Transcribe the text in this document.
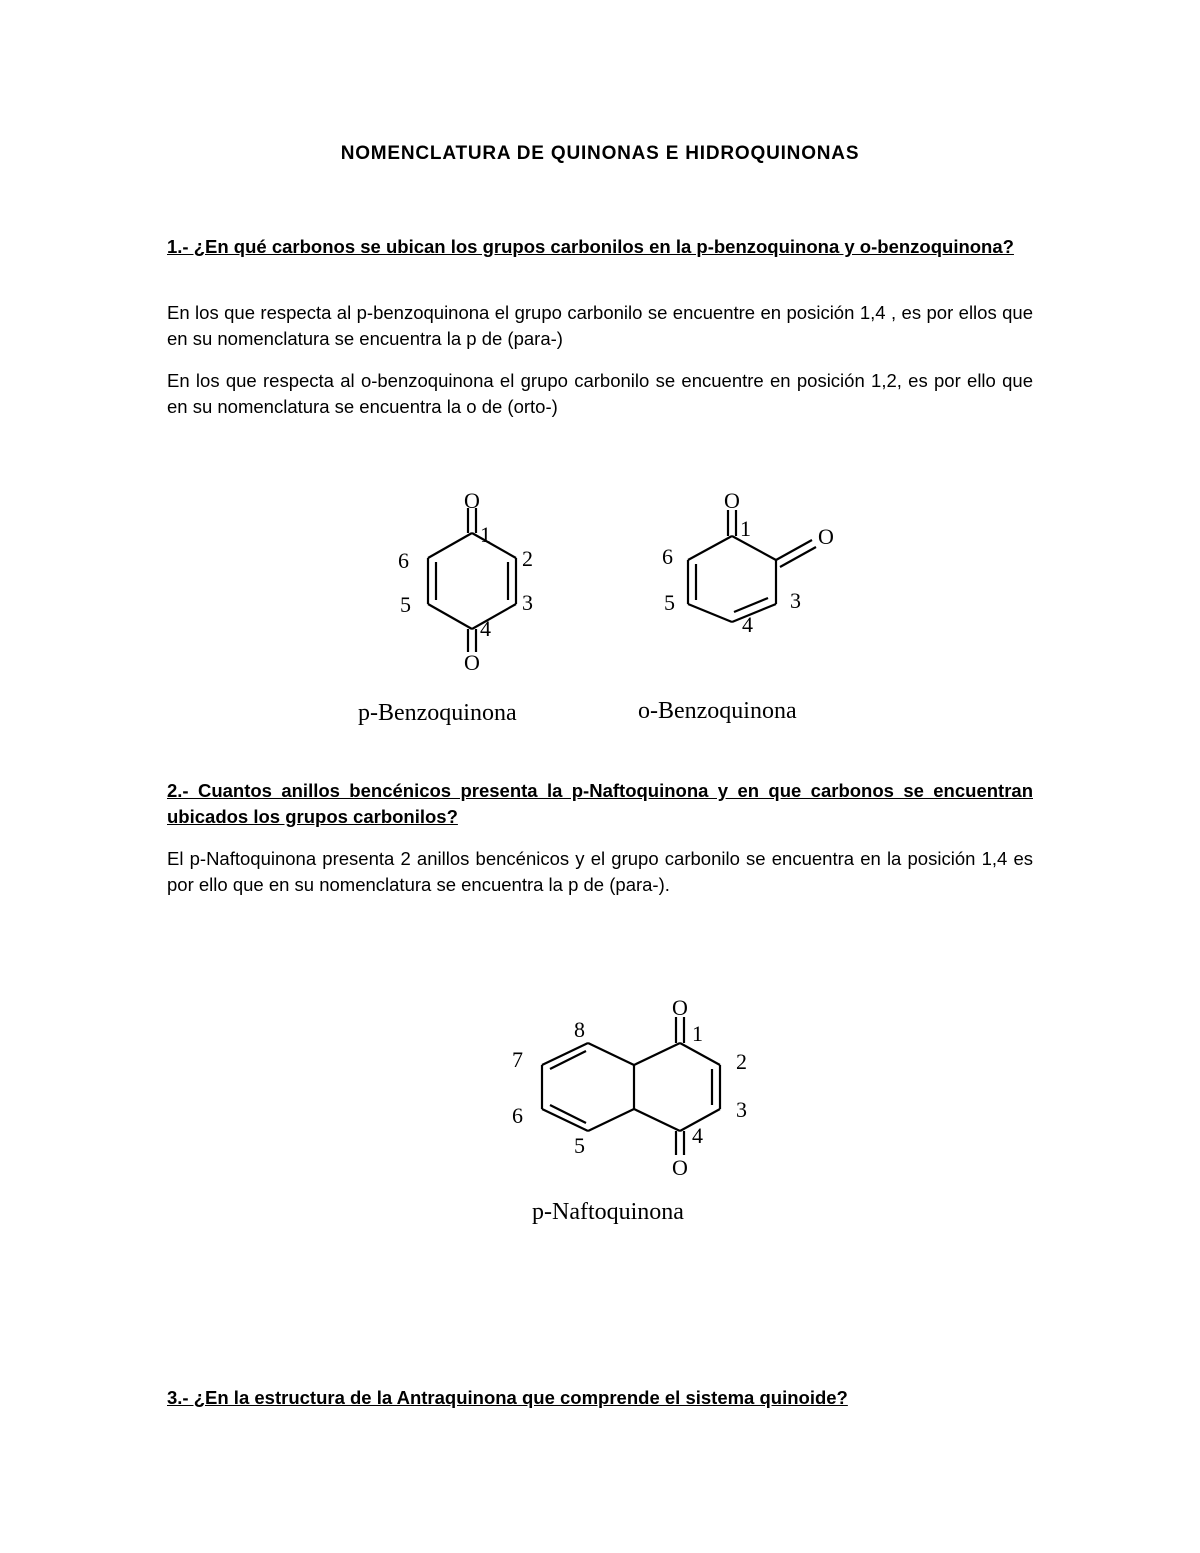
NOMENCLATURA DE QUINONAS E HIDROQUINONAS
1.- ¿En qué carbonos se ubican los grupos carbonilos en la p-benzoquinona y o-benzoquinona?
En los que respecta al p-benzoquinona el grupo carbonilo se encuentre en posición 1,4 , es por ellos que en su nomenclatura se encuentra la p de (para-)
En los que respecta al o-benzoquinona el grupo carbonilo se encuentre en posición 1,2, es por ello que en su nomenclatura se encuentra la o de (orto-)
O
O
1
2
3
4
5
6
p-Benzoquinona
O
O
1
3
4
5
6
o-Benzoquinona
2.- Cuantos anillos bencénicos presenta la p-Naftoquinona y en que carbonos se encuentran ubicados los grupos carbonilos?
El p-Naftoquinona presenta 2 anillos bencénicos y el grupo carbonilo se encuentra en la posición 1,4 es por ello que en su nomenclatura se encuentra la p de (para-).
O
O
1
2
3
4
5
6
7
8
p-Naftoquinona
3.- ¿En la estructura de la Antraquinona que comprende el sistema quinoide?
